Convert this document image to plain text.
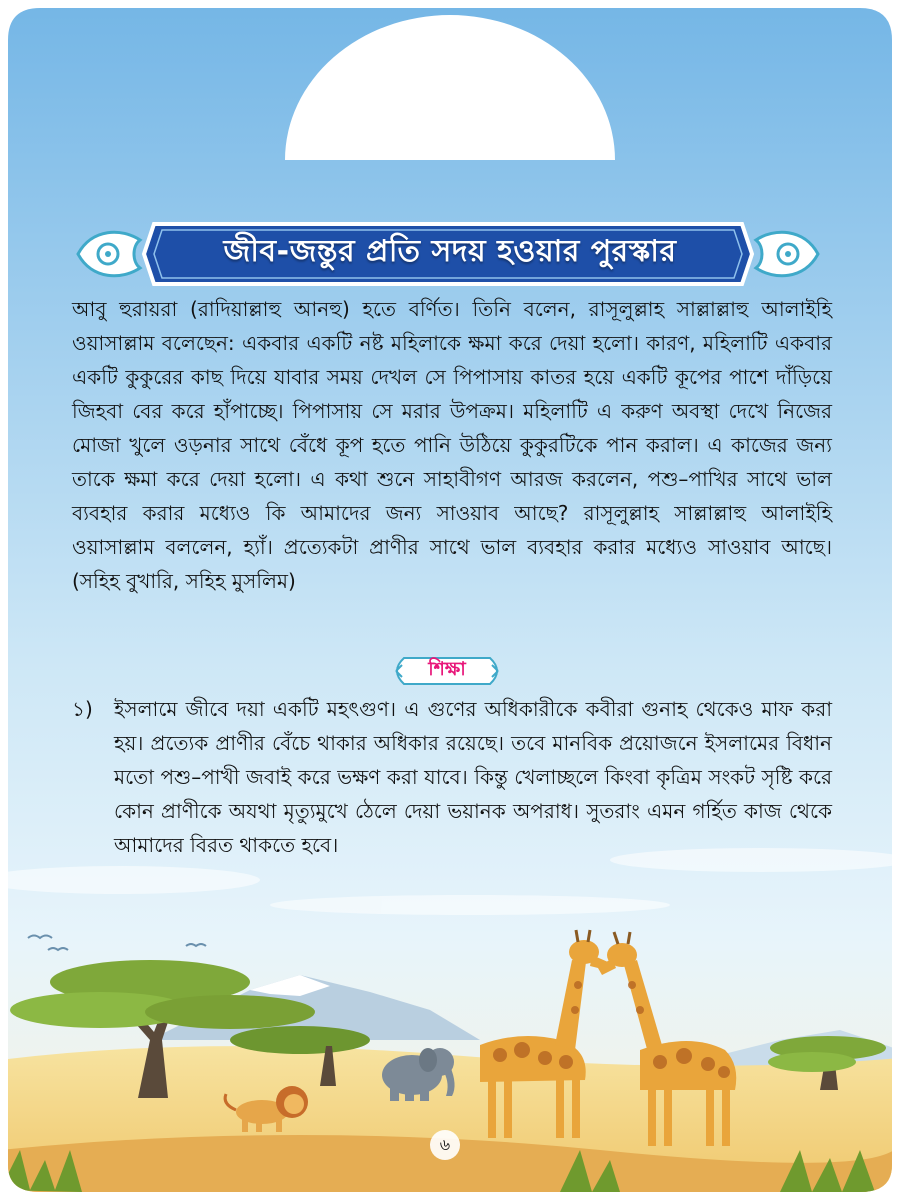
জীব-জন্তুর প্রতি সদয় হওয়ার পুরস্কার

আবু হুরায়রা (রাদিয়াল্লাহু আনহু) হতে বর্ণিত। তিনি বলেন, রাসূলুল্লাহ সাল্লাল্লাহু আলাইহি ওয়াসাল্লাম বলেছেন: একবার একটি নষ্ট মহিলাকে ক্ষমা করে দেয়া হলো। কারণ, মহিলাটি একবার একটি কুকুরের কাছ দিয়ে যাবার সময় দেখল সে পিপাসায় কাতর হয়ে একটি কূপের পাশে দাঁড়িয়ে জিহবা বের করে হাঁপাচ্ছে। পিপাসায় সে মরার উপক্রম। মহিলাটি এ করুণ অবস্থা দেখে নিজের মোজা খুলে ওড়নার সাথে বেঁধে কূপ হতে পানি উঠিয়ে কুকুরটিকে পান করাল। এ কাজের জন্য তাকে ক্ষমা করে দেয়া হলো। এ কথা শুনে সাহাবীগণ আরজ করলেন, পশু–পাখির সাথে ভাল ব্যবহার করার মধ্যেও কি আমাদের জন্য সাওয়াব আছে? রাসূলুল্লাহ সাল্লাল্লাহু আলাইহি ওয়াসাল্লাম বললেন, হ্যাঁ। প্রত্যেকটা প্রাণীর সাথে ভাল ব্যবহার করার মধ্যেও সাওয়াব আছে। (সহিহ বুখারি, সহিহ মুসলিম)

শিক্ষা
১)	ইসলামে জীবে দয়া একটি মহৎগুণ। এ গুণের অধিকারীকে কবীরা গুনাহ থেকেও মাফ করা হয়। প্রত্যেক প্রাণীর বেঁচে থাকার অধিকার রয়েছে। তবে মানবিক প্রয়োজনে ইসলামের বিধান মতো পশু–পাখী জবাই করে ভক্ষণ করা যাবে। কিন্তু খেলাচ্ছলে কিংবা কৃত্রিম সংকট সৃষ্টি করে কোন প্রাণীকে অযথা মৃত্যুমুখে ঠেলে দেয়া ভয়ানক অপরাধ। সুতরাং এমন গর্হিত কাজ থেকে আমাদের বিরত থাকতে হবে।
৬
